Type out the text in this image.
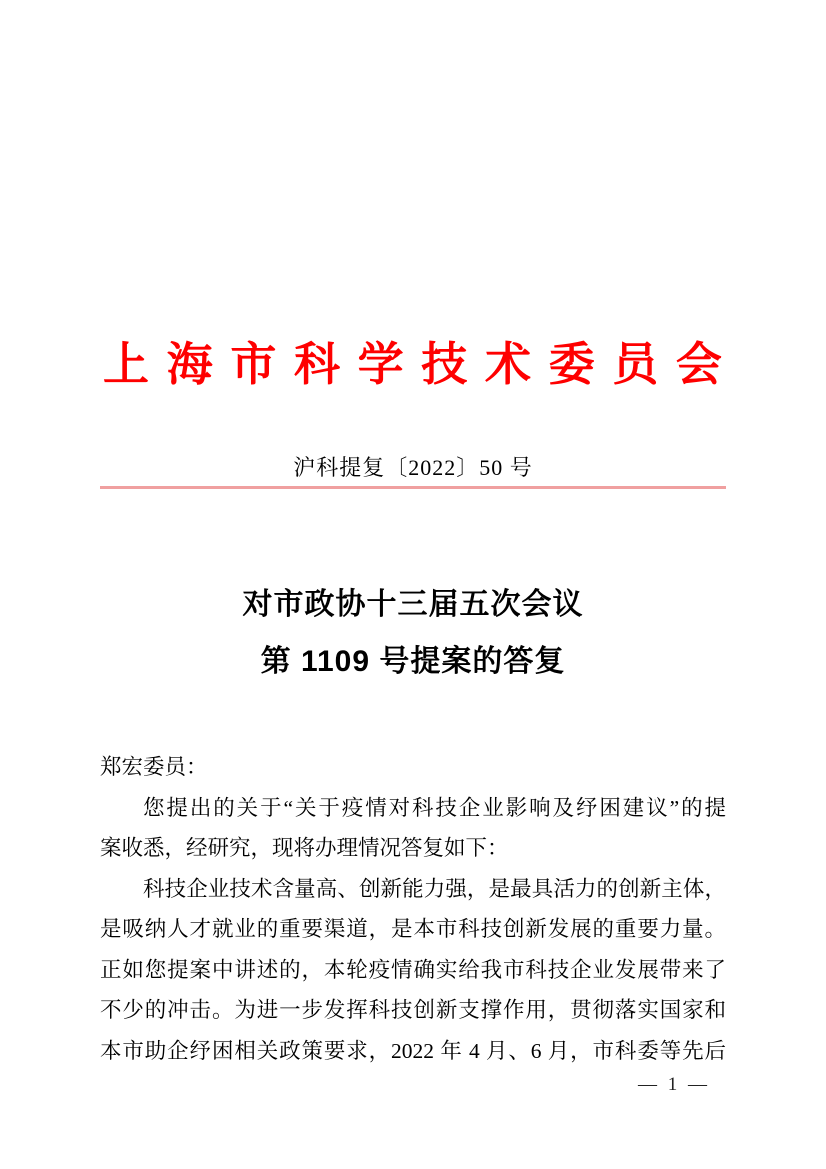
上 海 市 科 学 技 术 委 员 会
沪科提复〔2022〕50 号
对市政协十三届五次会议
第 1109 号提案的答复
郑宏委员：
您提出的关于“关于疫情对科技企业影响及纾困建议”的提
案收悉，经研究，现将办理情况答复如下：
科技企业技术含量高、创新能力强，是最具活力的创新主体，
是吸纳人才就业的重要渠道，是本市科技创新发展的重要力量。
正如您提案中讲述的，本轮疫情确实给我市科技企业发展带来了
不少的冲击。为进一步发挥科技创新支撑作用，贯彻落实国家和
本市助企纾困相关政策要求，2022 年 4 月、6 月，市科委等先后
— 1 —
